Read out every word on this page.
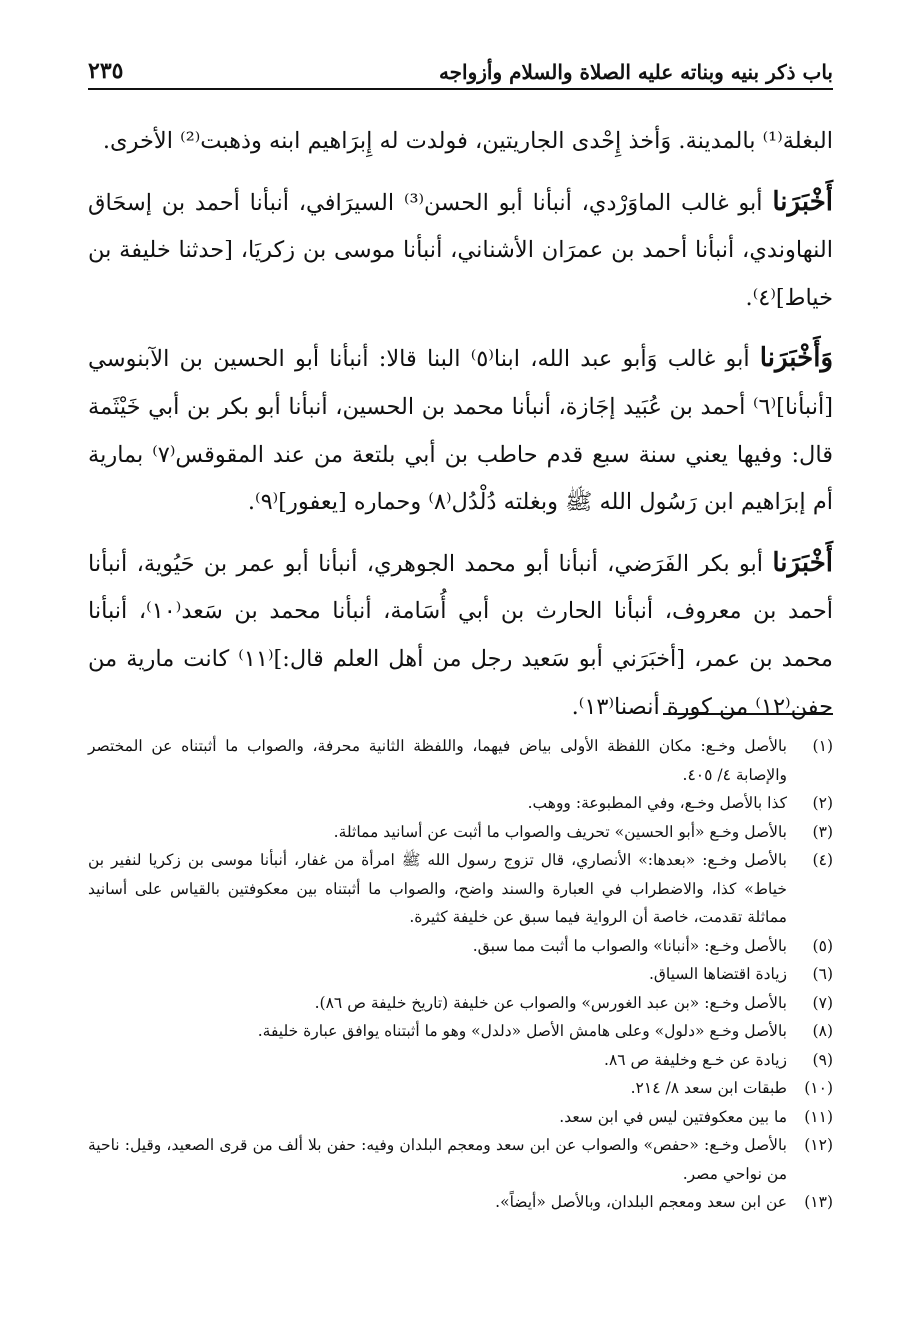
٢٣٥	باب ذكر بنيه وبناته عليه الصلاة والسلام وأزواجه

البغلة⁽¹⁾ بالمدينة. وَأخذ إِحْدى الجاريتين، فولدت له إِبرَاهيم ابنه وذهبت⁽²⁾ الأخرى.

أَخْبَرَنا أبو غالب الماوَرْدي، أنبأنا أبو الحسن⁽³⁾ السيرَافي، أنبأنا أحمد بن إسحَاق النهاوندي، أنبأنا أحمد بن عمرَان الأشناني، أنبأنا موسى بن زكريَا، [حدثنا خليفة بن خياط]⁽٤⁾.

وَأَخْبَرَنا أبو غالب وَأبو عبد الله، ابنا⁽٥⁾ البنا قالا: أنبأنا أبو الحسين بن الآبنوسي [أنبأنا]⁽٦⁾ أحمد بن عُبَيد إجَازة، أنبأنا محمد بن الحسين، أنبأنا أبو بكر بن أبي خَيْثَمة قال: وفيها يعني سنة سبع قدم حاطب بن أبي بلتعة من عند المقوقس⁽٧⁾ بمارية أم إبرَاهيم ابن رَسُول الله ﷺ وبغلته دُلْدُل⁽٨⁾ وحماره [يعفور]⁽٩⁾.

أَخْبَرَنا أبو بكر الفَرَضي، أنبأنا أبو محمد الجوهري، أنبأنا أبو عمر بن حَيُوية، أنبأنا أحمد بن معروف، أنبأنا الحارث بن أبي أُسَامة، أنبأنا محمد بن سَعد⁽١٠⁾، أنبأنا محمد بن عمر، [أخبَرَني أبو سَعيد رجل من أهل العلم قال:]⁽١١⁾ كانت مارية من حفن⁽١٢⁾ من كورة أنصنا⁽١٣⁾.

(١)
بالأصل وخـع: مكان اللفظة الأولى بياض فيهما، واللفظة الثانية محرفة، والصواب ما أثبتناه عن المختصر والإصابة ٤/ ٤٠٥.
(٢)
كذا بالأصل وخـع، وفي المطبوعة: ووهب.
(٣)
بالأصل وخـع «أبو الحسين» تحريف والصواب ما أثبت عن أسانيد مماثلة.
(٤)
بالأصل وخـع: «بعدها:» الأنصاري، قال تزوج رسول الله ﷺ امرأة من غفار، أنبأنا موسى بن زكريا لنفير بن خياط» كذا، والاضطراب في العبارة والسند واضح، والصواب ما أثبتناه بين معكوفتين بالقياس على أسانيد مماثلة تقدمت، خاصة أن الرواية فيما سبق عن خليفة كثيرة.
(٥)
بالأصل وخـع: «أنبانا» والصواب ما أثبت مما سبق.
(٦)
زيادة اقتضاها السياق.
(٧)
بالأصل وخـع: «بن عبد الغورس» والصواب عن خليفة (تاريخ خليفة ص ٨٦).
(٨)
بالأصل وخـع «دلول» وعلى هامش الأصل «دلدل» وهو ما أثبتناه يوافق عبارة خليفة.
(٩)
زيادة عن خـع وخليفة ص ٨٦.
(١٠)
طبقات ابن سعد ٨/ ٢١٤.
(١١)
ما بين معكوفتين ليس في ابن سعد.
(١٢)
بالأصل وخـع: «حفص» والصواب عن ابن سعد ومعجم البلدان وفيه: حفن بلا ألف من قرى الصعيد، وقيل: ناحية من نواحي مصر.
(١٣)
عن ابن سعد ومعجم البلدان، وبالأصل «أيضاً».
